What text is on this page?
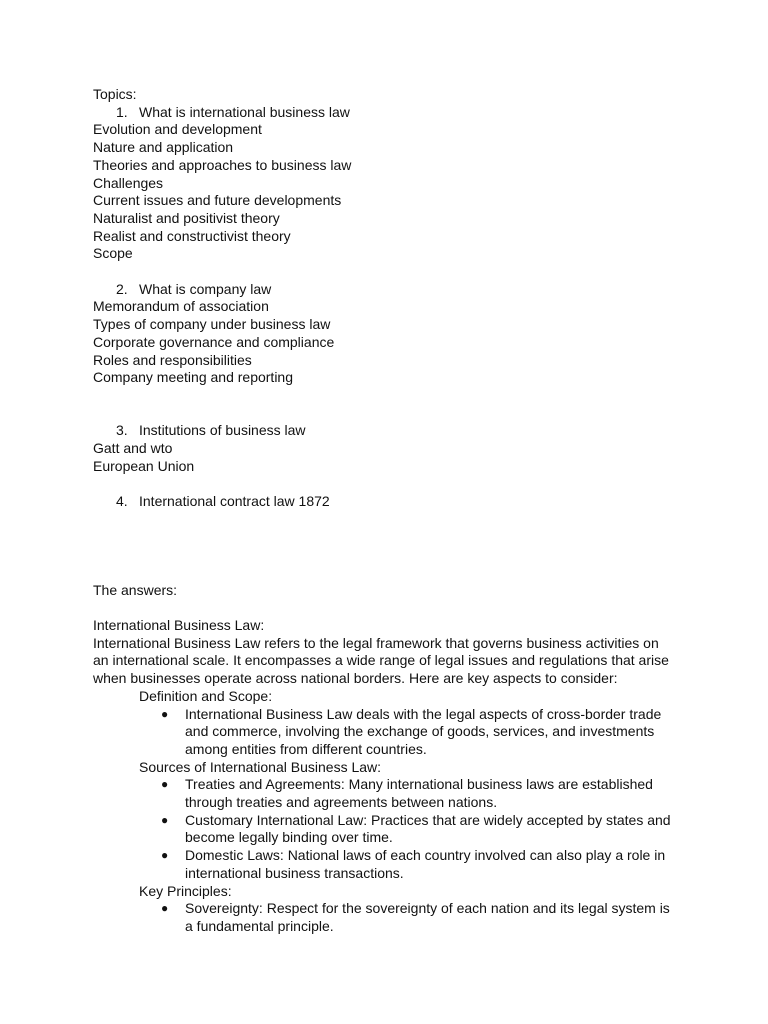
Topics:
1. What is international business law
Evolution and development
Nature and application
Theories and approaches to business law
Challenges
Current issues and future developments
Naturalist and positivist theory
Realist and constructivist theory
Scope
2. What is company law
Memorandum of association
Types of company under business law
Corporate governance and compliance
Roles and responsibilities
Company meeting and reporting
3. Institutions of business law
Gatt and wto
European Union
4. International contract law 1872
The answers:
International Business Law:
International Business Law refers to the legal framework that governs business activities on an international scale. It encompasses a wide range of legal issues and regulations that arise when businesses operate across national borders. Here are key aspects to consider:
Definition and Scope:
● International Business Law deals with the legal aspects of cross-border trade and commerce, involving the exchange of goods, services, and investments among entities from different countries.
Sources of International Business Law:
● Treaties and Agreements: Many international business laws are established through treaties and agreements between nations.
● Customary International Law: Practices that are widely accepted by states and become legally binding over time.
● Domestic Laws: National laws of each country involved can also play a role in international business transactions.
Key Principles:
● Sovereignty: Respect for the sovereignty of each nation and its legal system is a fundamental principle.
